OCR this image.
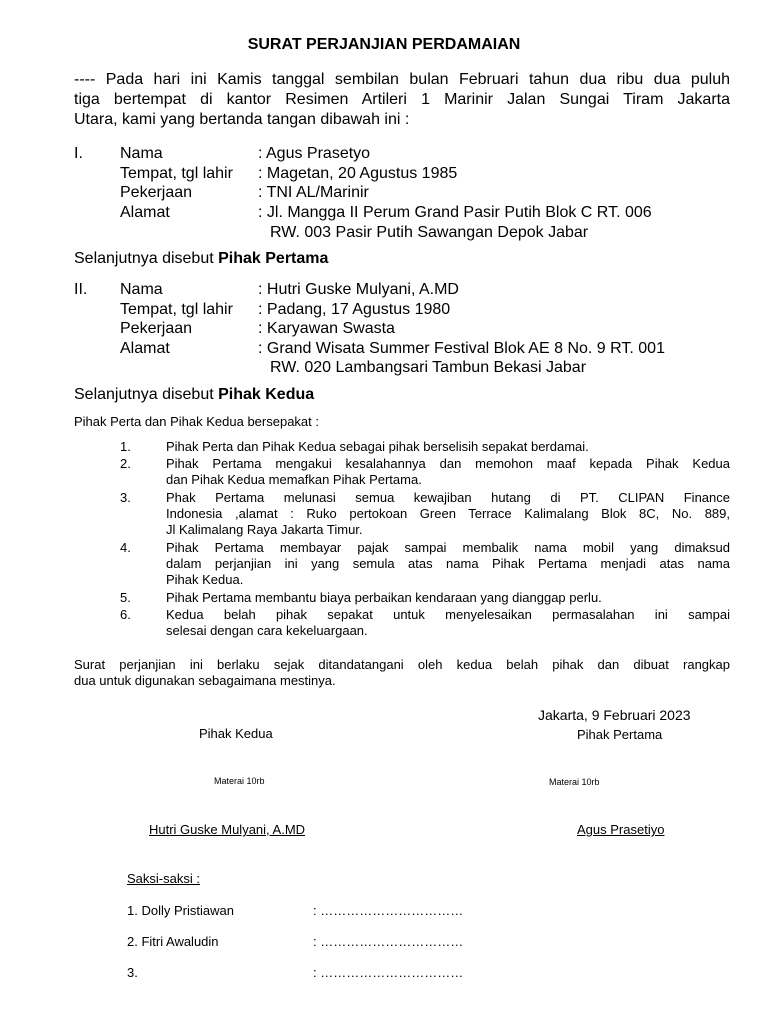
SURAT PERJANJIAN PERDAMAIAN
---- Pada hari ini Kamis tanggal sembilan bulan Februari tahun dua ribu dua puluh
tiga bertempat di kantor Resimen Artileri 1 Marinir Jalan Sungai Tiram Jakarta
Utara, kami yang bertanda tangan dibawah ini :
I. Nama	: Agus Prasetyo
Tempat, tgl lahir : Magetan, 20 Agustus 1985
Pekerjaan	: TNI AL/Marinir
Alamat	: Jl. Mangga II Perum Grand Pasir Putih Blok C RT. 006
RW. 003 Pasir Putih Sawangan Depok Jabar
Selanjutnya disebut Pihak Pertama
II. Nama	: Hutri Guske Mulyani, A.MD
Tempat, tgl lahir : Padang, 17 Agustus 1980
Pekerjaan	: Karyawan Swasta
Alamat	: Grand Wisata Summer Festival Blok AE 8 No. 9 RT. 001
RW. 020 Lambangsari Tambun Bekasi Jabar
Selanjutnya disebut Pihak Kedua
Pihak Perta dan Pihak Kedua bersepakat :
1.	Pihak Perta dan Pihak Kedua sebagai pihak berselisih sepakat berdamai.
2.	Pihak Pertama mengakui kesalahannya dan memohon maaf kepada Pihak Kedua
dan Pihak Kedua memafkan Pihak Pertama.
3.	Phak Pertama melunasi semua kewajiban hutang di PT. CLIPAN Finance
Indonesia ,alamat : Ruko pertokoan Green Terrace Kalimalang Blok 8C, No. 889,
Jl Kalimalang Raya Jakarta Timur.
4.	Pihak Pertama membayar pajak sampai membalik nama mobil yang dimaksud
dalam perjanjian ini yang semula atas nama Pihak Pertama menjadi atas nama
Pihak Kedua.
5.	Pihak Pertama membantu biaya perbaikan kendaraan yang dianggap perlu.
6.	Kedua belah pihak sepakat untuk menyelesaikan permasalahan ini sampai
selesai dengan cara kekeluargaan.
Surat perjanjian ini berlaku sejak ditandatangani oleh kedua belah pihak dan dibuat rangkap
dua untuk digunakan sebagaimana mestinya.
Jakarta, 9 Februari 2023
Pihak Kedua
Materai 10rb
Hutri Guske Mulyani, A.MD
Pihak Pertama
Materai 10rb
Agus Prasetiyo
Saksi-saksi :
1. Dolly Pristiawan	: ……………………………
2. Fitri Awaludin	: ……………………………
3.	: ……………………………
